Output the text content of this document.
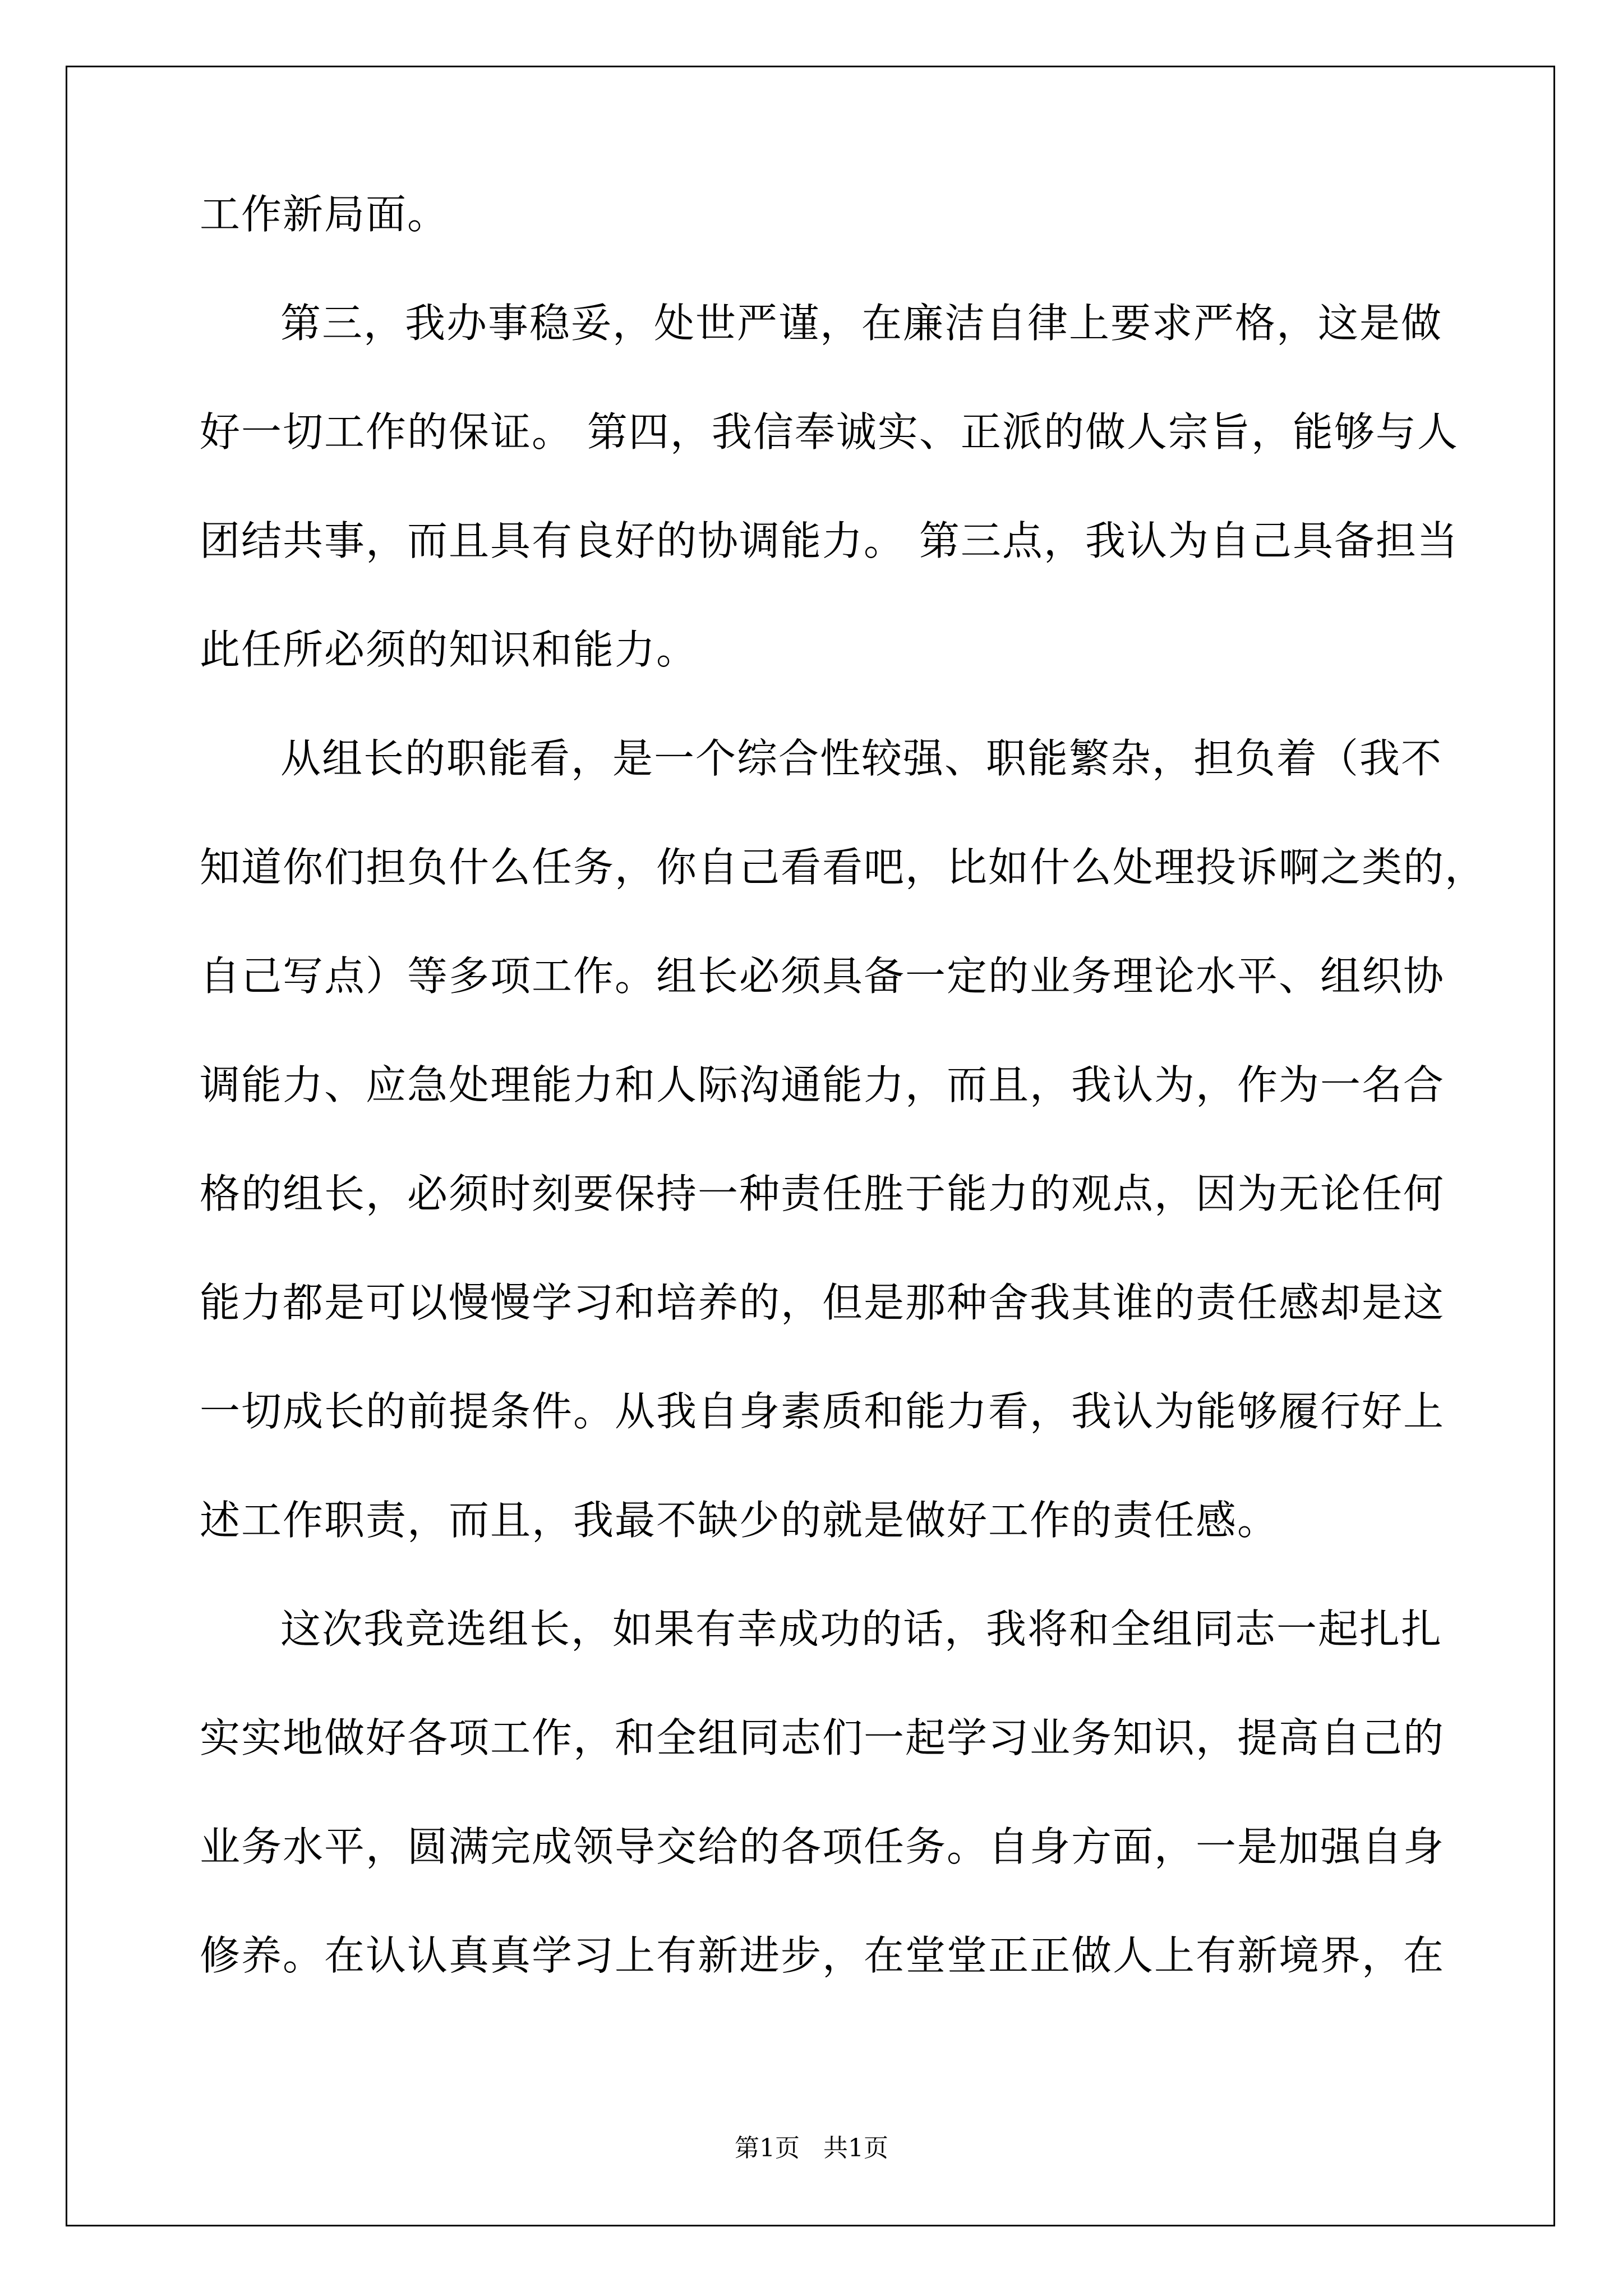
工作新局面。
第三，我办事稳妥，处世严谨，在廉洁自律上要求严格，这是做
好一切工作的保证。 第四，我信奉诚实、正派的做人宗旨，能够与人
团结共事，而且具有良好的协调能力。 第三点，我认为自己具备担当
此任所必须的知识和能力。
从组长的职能看，是一个综合性较强、职能繁杂，担负着（我不
知道你们担负什么任务，你自己看看吧，比如什么处理投诉啊之类的，
自己写点）等多项工作。组长必须具备一定的业务理论水平、组织协
调能力、应急处理能力和人际沟通能力，而且，我认为，作为一名合
格的组长，必须时刻要保持一种责任胜于能力的观点，因为无论任何
能力都是可以慢慢学习和培养的，但是那种舍我其谁的责任感却是这
一切成长的前提条件。从我自身素质和能力看，我认为能够履行好上
述工作职责，而且，我最不缺少的就是做好工作的责任感。
这次我竞选组长，如果有幸成功的话，我将和全组同志一起扎扎
实实地做好各项工作，和全组同志们一起学习业务知识，提高自己的
业务水平，圆满完成领导交给的各项任务。自身方面，一是加强自身
修养。在认认真真学习上有新进步，在堂堂正正做人上有新境界，在
第1页   共1页
